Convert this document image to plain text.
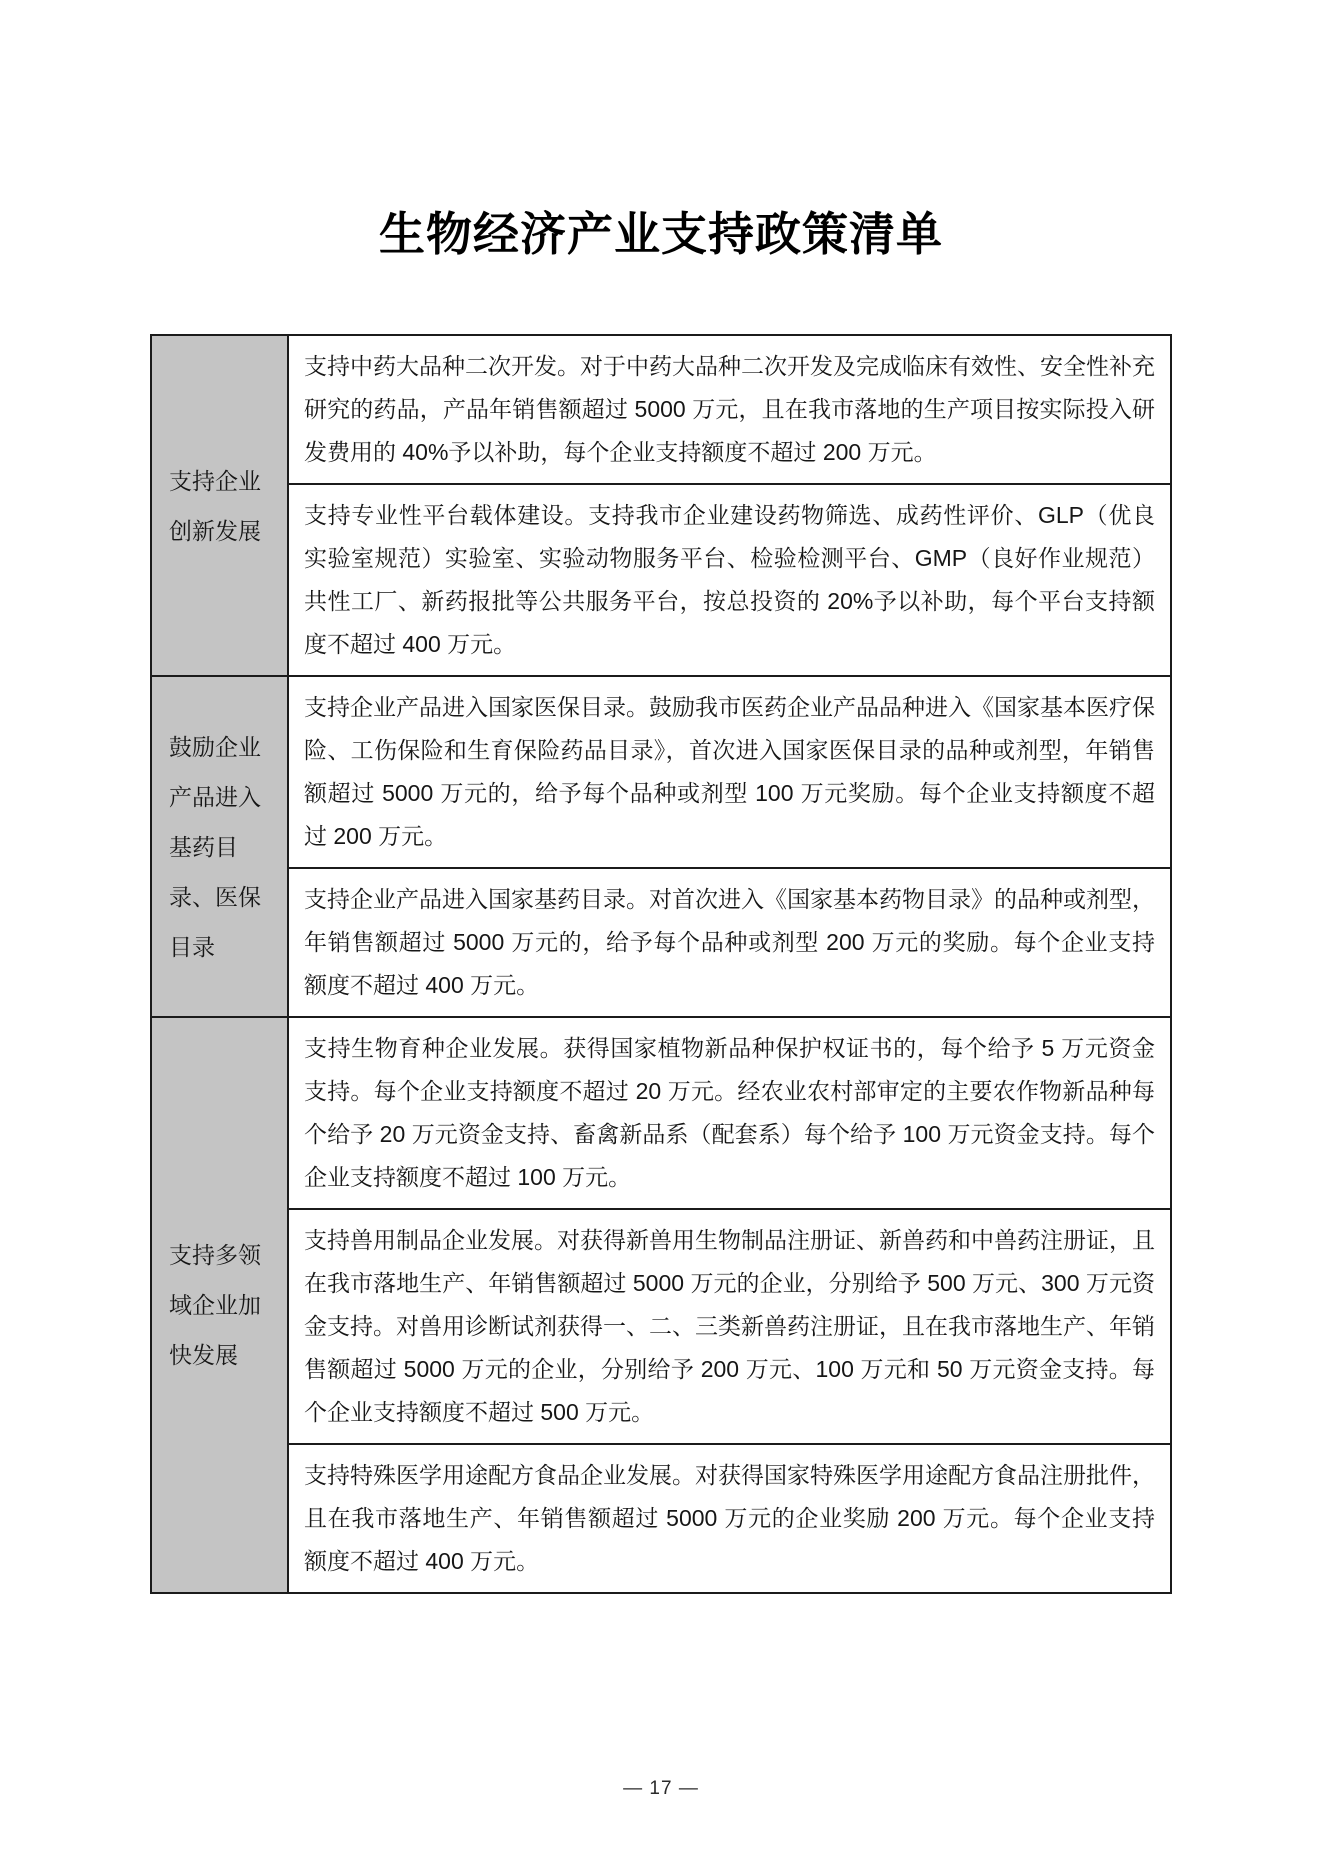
生物经济产业支持政策清单
支持企业创新发展	支持中药大品种二次开发。对于中药大品种二次开发及完成临床有效性、安全性补充研究的药品，产品年销售额超过 5000 万元，且在我市落地的生产项目按实际投入研发费用的 40%予以补助，每个企业支持额度不超过 200 万元。
	支持专业性平台载体建设。支持我市企业建设药物筛选、成药性评价、GLP（优良实验室规范）实验室、实验动物服务平台、检验检测平台、GMP（良好作业规范）共性工厂、新药报批等公共服务平台，按总投资的 20%予以补助，每个平台支持额度不超过 400 万元。
鼓励企业产品进入基药目录、医保目录	支持企业产品进入国家医保目录。鼓励我市医药企业产品品种进入《国家基本医疗保险、工伤保险和生育保险药品目录》，首次进入国家医保目录的品种或剂型，年销售额超过 5000 万元的，给予每个品种或剂型 100 万元奖励。每个企业支持额度不超过 200 万元。
	支持企业产品进入国家基药目录。对首次进入《国家基本药物目录》的品种或剂型，年销售额超过 5000 万元的，给予每个品种或剂型 200 万元的奖励。每个企业支持额度不超过 400 万元。
支持多领域企业加快发展	支持生物育种企业发展。获得国家植物新品种保护权证书的，每个给予 5 万元资金支持。每个企业支持额度不超过 20 万元。经农业农村部审定的主要农作物新品种每个给予 20 万元资金支持、畜禽新品系（配套系）每个给予 100 万元资金支持。每个企业支持额度不超过 100 万元。
	支持兽用制品企业发展。对获得新兽用生物制品注册证、新兽药和中兽药注册证，且在我市落地生产、年销售额超过 5000 万元的企业，分别给予 500 万元、300 万元资金支持。对兽用诊断试剂获得一、二、三类新兽药注册证，且在我市落地生产、年销售额超过 5000 万元的企业，分别给予 200 万元、100 万元和 50 万元资金支持。每个企业支持额度不超过 500 万元。
	支持特殊医学用途配方食品企业发展。对获得国家特殊医学用途配方食品注册批件，且在我市落地生产、年销售额超过 5000 万元的企业奖励 200 万元。每个企业支持额度不超过 400 万元。
— 17 —
